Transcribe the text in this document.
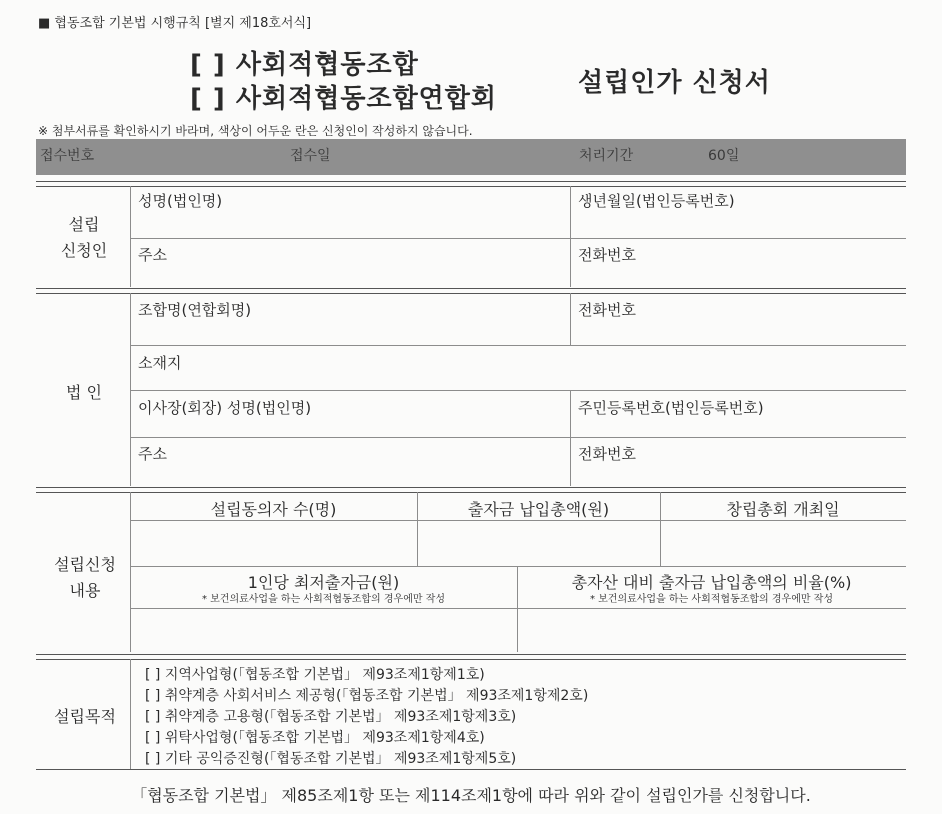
■ 협동조합 기본법 시행규칙 [별지 제18호서식]
[ ] 사회적협동조합
[ ] 사회적협동조합연합회
설립인가 신청서
※ 첨부서류를 확인하시기 바라며, 색상이 어두운 란은 신청인이 작성하지 않습니다.
접수번호	접수일	처리기간	60일
설립
신청인
성명(법인명)	생년월일(법인등록번호)
주소	전화번호
법 인
조합명(연합회명)	전화번호
소재지
이사장(회장) 성명(법인명)	주민등록번호(법인등록번호)
주소	전화번호
설립신청
내용
설립동의자 수(명)	출자금 납입총액(원)	창립총회 개최일
1인당 최저출자금(원)
* 보건의료사업을 하는 사회적협동조합의 경우에만 작성
총자산 대비 출자금 납입총액의 비율(%)
* 보건의료사업을 하는 사회적협동조합의 경우에만 작성
설립목적
[ ] 지역사업형(「협동조합 기본법」 제93조제1항제1호)
[ ] 취약계층 사회서비스 제공형(「협동조합 기본법」 제93조제1항제2호)
[ ] 취약계층 고용형(「협동조합 기본법」 제93조제1항제3호)
[ ] 위탁사업형(「협동조합 기본법」 제93조제1항제4호)
[ ] 기타 공익증진형(「협동조합 기본법」 제93조제1항제5호)
「협동조합 기본법」 제85조제1항 또는 제114조제1항에 따라 위와 같이 설립인가를 신청합니다.
